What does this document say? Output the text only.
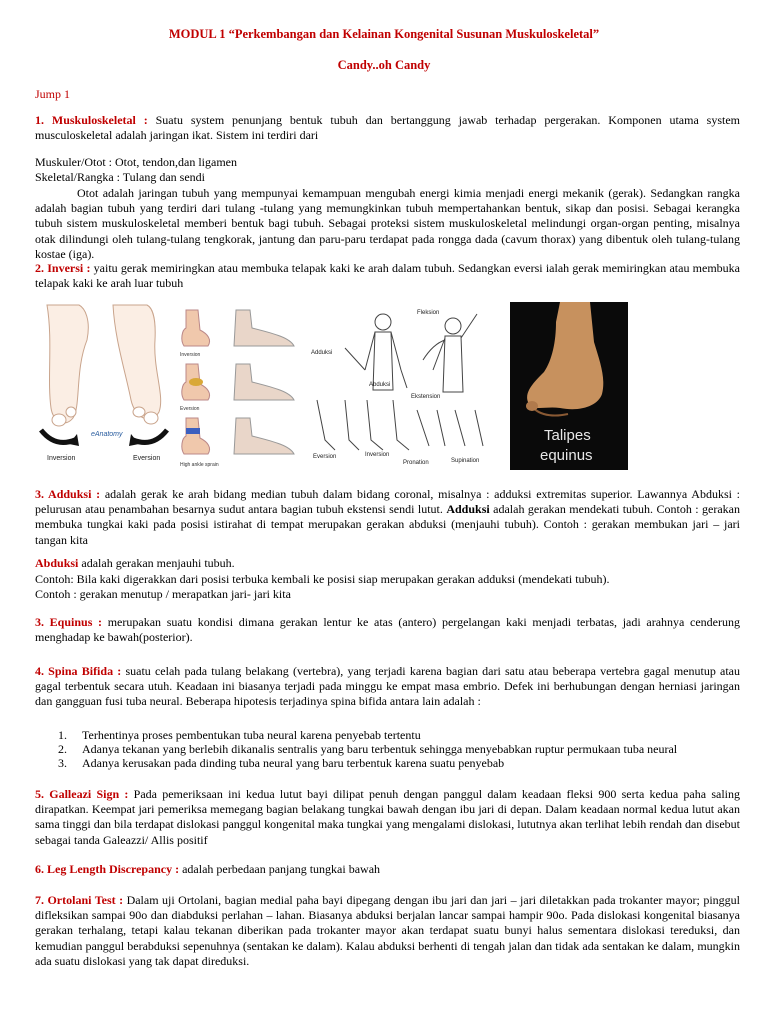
MODUL 1 “Perkembangan dan Kelainan Kongenital Susunan Muskuloskeletal”
Candy..oh Candy
Jump 1
1. Muskuloskeletal : Suatu system penunjang bentuk tubuh dan bertanggung jawab terhadap pergerakan. Komponen utama system musculoskeletal adalah jaringan ikat. Sistem ini terdiri dari
Muskuler/Otot : Otot, tendon,dan ligamen
Skeletal/Rangka : Tulang dan sendi
Otot adalah jaringan tubuh yang mempunyai kemampuan mengubah energi kimia menjadi energi mekanik (gerak). Sedangkan rangka adalah bagian tubuh yang terdiri dari tulang -tulang yang memungkinkan tubuh mempertahankan bentuk, sikap dan posisi. Sebagai kerangka tubuh sistem muskuloskeletal memberi bentuk bagi tubuh. Sebagai proteksi sistem muskuloskeletal melindungi organ-organ penting, misalnya otak dilindungi oleh tulang-tulang tengkorak, jantung dan paru-paru terdapat pada rongga dada (cavum thorax) yang dibentuk oleh tulang-tulang kostae (iga).
2. Inversi : yaitu gerak memiringkan atau membuka telapak kaki ke arah dalam tubuh. Sedangkan eversi ialah gerak memiringkan atau membuka telapak kaki ke arah luar tubuh
Inversion	Eversion
eAnatomy
Inversion
Eversion
High ankle sprain
Fleksion
Adduksi
Abduksi
Ekstension
Eversion	Inversion
Pronation	Supination
Talipes
equinus
3. Adduksi : adalah gerak ke arah bidang median tubuh dalam bidang coronal, misalnya : adduksi extremitas superior. Lawannya Abduksi : pelurusan atau penambahan besarnya sudut antara bagian tubuh ekstensi sendi lutut. Adduksi adalah gerakan mendekati tubuh. Contoh : gerakan membuka tungkai kaki pada posisi istirahat di tempat merupakan gerakan abduksi (menjauhi tubuh). Contoh : gerakan membukan jari – jari tangan kita
Abduksi adalah gerakan menjauhi tubuh.
Contoh: Bila kaki digerakkan dari posisi terbuka kembali ke posisi siap merupakan gerakan adduksi (mendekati tubuh).
Contoh : gerakan menutup / merapatkan jari- jari kita
3. Equinus : merupakan suatu kondisi dimana gerakan lentur ke atas (antero) pergelangan kaki menjadi terbatas, jadi arahnya cenderung menghadap ke bawah(posterior).
4. Spina Bifida : suatu celah pada tulang belakang (vertebra), yang terjadi karena bagian dari satu atau beberapa vertebra gagal menutup atau gagal terbentuk secara utuh. Keadaan ini biasanya terjadi pada minggu ke empat masa embrio. Defek ini berhubungan dengan herniasi jaringan dan gangguan fusi tuba neural. Beberapa hipotesis terjadinya spina bifida antara lain adalah :
1. Terhentinya proses pembentukan tuba neural karena penyebab tertentu
2. Adanya tekanan yang berlebih dikanalis sentralis yang baru terbentuk sehingga menyebabkan ruptur permukaan tuba neural
3. Adanya kerusakan pada dinding tuba neural yang baru terbentuk karena suatu penyebab
5. Galleazi Sign : Pada pemeriksaan ini kedua lutut bayi dilipat penuh dengan panggul dalam keadaan fleksi 900 serta kedua paha saling dirapatkan. Keempat jari pemeriksa memegang bagian belakang tungkai bawah dengan ibu jari di depan. Dalam keadaan normal kedua lutut akan sama tinggi dan bila terdapat dislokasi panggul kongenital maka tungkai yang mengalami dislokasi, lututnya akan terlihat lebih rendah dan disebut sebagai tanda Galeazzi/ Allis positif
6. Leg Length Discrepancy : adalah perbedaan panjang tungkai bawah
7. Ortolani Test : Dalam uji Ortolani, bagian medial paha bayi dipegang dengan ibu jari dan jari – jari diletakkan pada trokanter mayor; pinggul difleksikan sampai 90o dan diabduksi perlahan – lahan. Biasanya abduksi berjalan lancar sampai hampir 90o. Pada dislokasi kongenital biasanya gerakan terhalang, tetapi kalau tekanan diberikan pada trokanter mayor akan terdapat suatu bunyi halus sementara dislokasi tereduksi, dan kemudian panggul berabduksi sepenuhnya (sentakan ke dalam). Kalau abduksi berhenti di tengah jalan dan tidak ada sentakan ke dalam, mungkin ada suatu dislokasi yang tak dapat direduksi.
